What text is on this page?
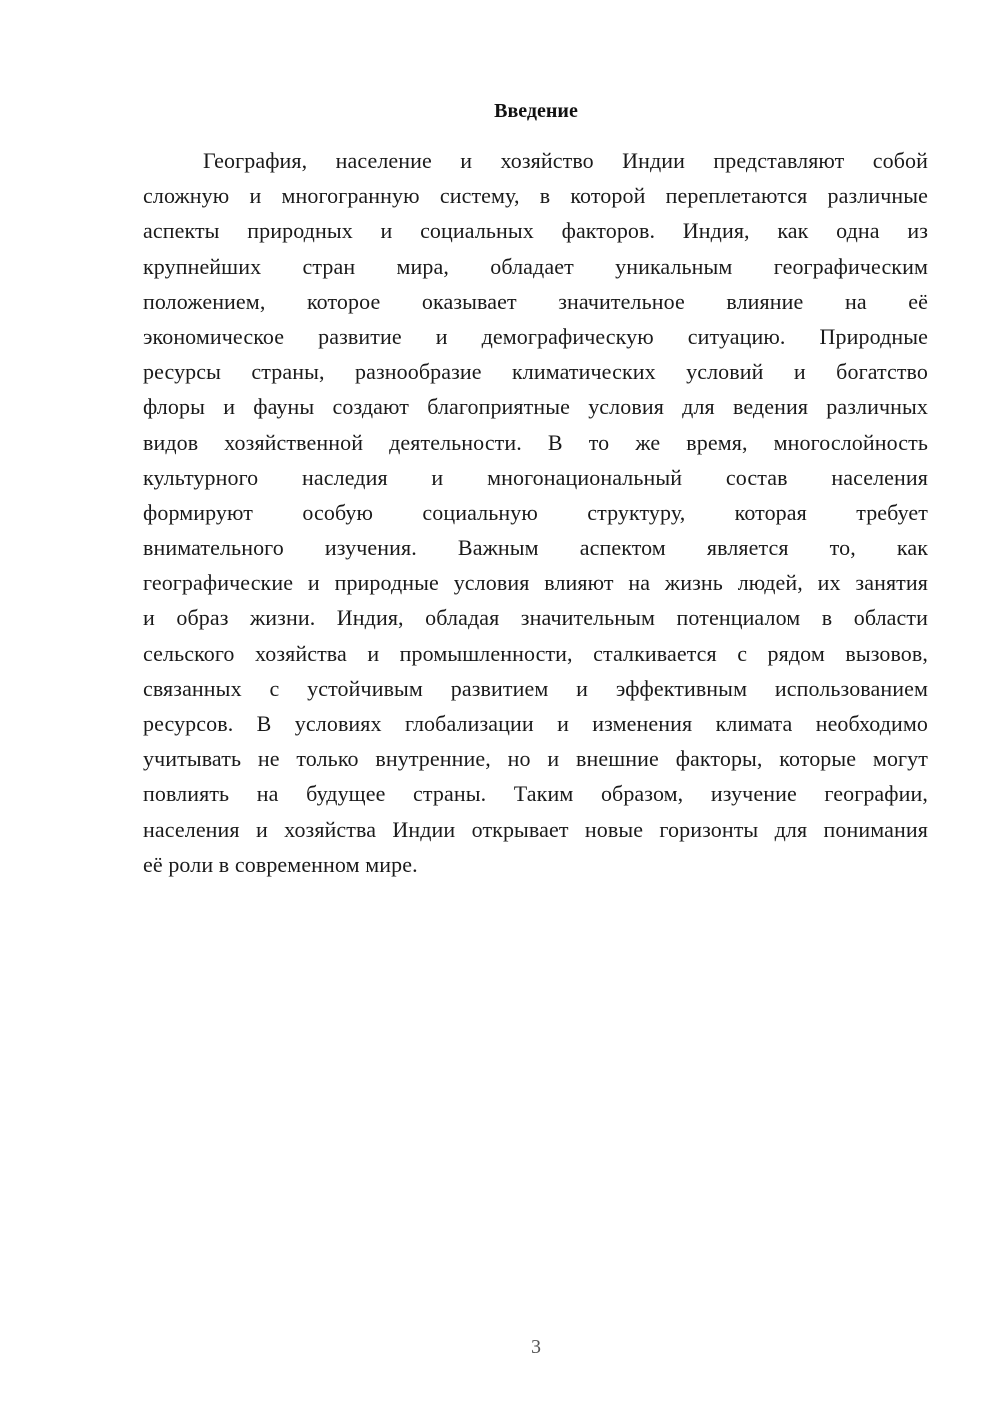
Введение
География, население и хозяйство Индии представляют собой
сложную и многогранную систему, в которой переплетаются различные
аспекты природных и социальных факторов. Индия, как одна из
крупнейших стран мира, обладает уникальным географическим
положением, которое оказывает значительное влияние на её
экономическое развитие и демографическую ситуацию. Природные
ресурсы страны, разнообразие климатических условий и богатство
флоры и фауны создают благоприятные условия для ведения различных
видов хозяйственной деятельности. В то же время, многослойность
культурного наследия и многонациональный состав населения
формируют особую социальную структуру, которая требует
внимательного изучения. Важным аспектом является то, как
географические и природные условия влияют на жизнь людей, их занятия
и образ жизни. Индия, обладая значительным потенциалом в области
сельского хозяйства и промышленности, сталкивается с рядом вызовов,
связанных с устойчивым развитием и эффективным использованием
ресурсов. В условиях глобализации и изменения климата необходимо
учитывать не только внутренние, но и внешние факторы, которые могут
повлиять на будущее страны. Таким образом, изучение географии,
населения и хозяйства Индии открывает новые горизонты для понимания
её роли в современном мире.
3
